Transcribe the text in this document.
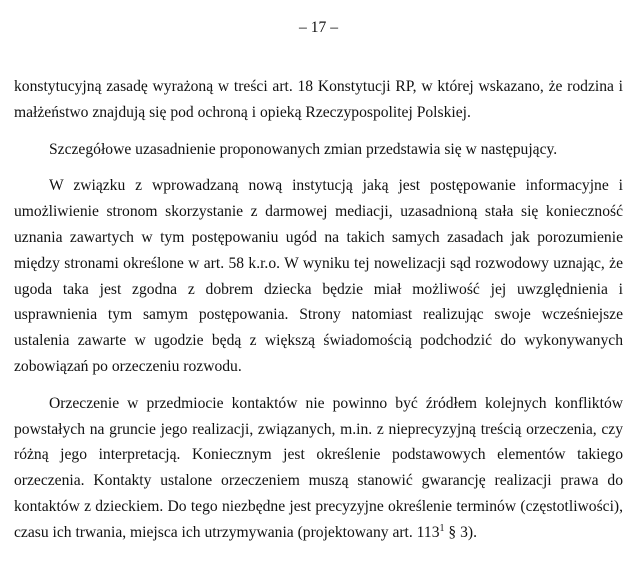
– 17 –

konstytucyjną zasadę wyrażoną w treści art. 18 Konstytucji RP, w której wskazano, że rodzina i małżeństwo znajdują się pod ochroną i opieką Rzeczypospolitej Polskiej.

Szczegółowe uzasadnienie proponowanych zmian przedstawia się w następujący.

W związku z wprowadzaną nową instytucją jaką jest postępowanie informacyjne i umożliwienie stronom skorzystanie z darmowej mediacji, uzasadnioną stała się konieczność uznania zawartych w tym postępowaniu ugód na takich samych zasadach jak porozumienie między stronami określone w art. 58 k.r.o. W wyniku tej nowelizacji sąd rozwodowy uznając, że ugoda taka jest zgodna z dobrem dziecka będzie miał możliwość jej uwzględnienia i usprawnienia tym samym postępowania. Strony natomiast realizując swoje wcześniejsze ustalenia zawarte w ugodzie będą z większą świadomością podchodzić do wykonywanych zobowiązań po orzeczeniu rozwodu.

Orzeczenie w przedmiocie kontaktów nie powinno być źródłem kolejnych konfliktów powstałych na gruncie jego realizacji, związanych, m.in. z nieprecyzyjną treścią orzeczenia, czy różną jego interpretacją. Koniecznym jest określenie podstawowych elementów takiego orzeczenia. Kontakty ustalone orzeczeniem muszą stanowić gwarancję realizacji prawa do kontaktów z dzieckiem. Do tego niezbędne jest precyzyjne określenie terminów (częstotliwości), czasu ich trwania, miejsca ich utrzymywania (projektowany art. $113^1$ § 3).
